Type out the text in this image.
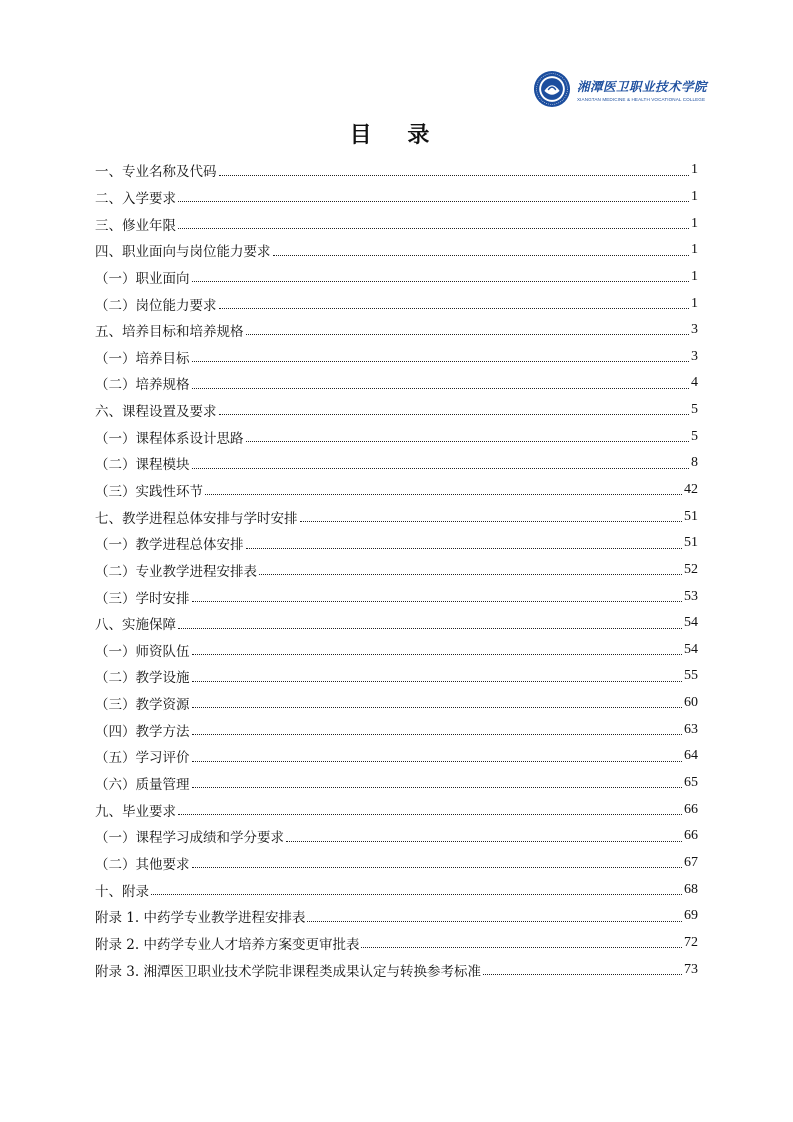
湘潭医卫职业技术学院
XIANGTAN MEDICINE & HEALTH VOCATIONAL COLLEGE
目 录
一、专业名称及代码	1
二、入学要求	1
三、修业年限	1
四、职业面向与岗位能力要求	1
（一）职业面向	1
（二）岗位能力要求	1
五、培养目标和培养规格	3
（一）培养目标	3
（二）培养规格	4
六、课程设置及要求	5
（一）课程体系设计思路	5
（二）课程模块	8
（三）实践性环节	42
七、教学进程总体安排与学时安排	51
（一）教学进程总体安排	51
（二）专业教学进程安排表	52
（三）学时安排	53
八、实施保障	54
（一）师资队伍	54
（二）教学设施	55
（三）教学资源	60
（四）教学方法	63
（五）学习评价	64
（六）质量管理	65
九、毕业要求	66
（一）课程学习成绩和学分要求	66
（二）其他要求	67
十、附录	68
附录 1. 中药学专业教学进程安排表	69
附录 2. 中药学专业人才培养方案变更审批表	72
附录 3. 湘潭医卫职业技术学院非课程类成果认定与转换参考标准	73
